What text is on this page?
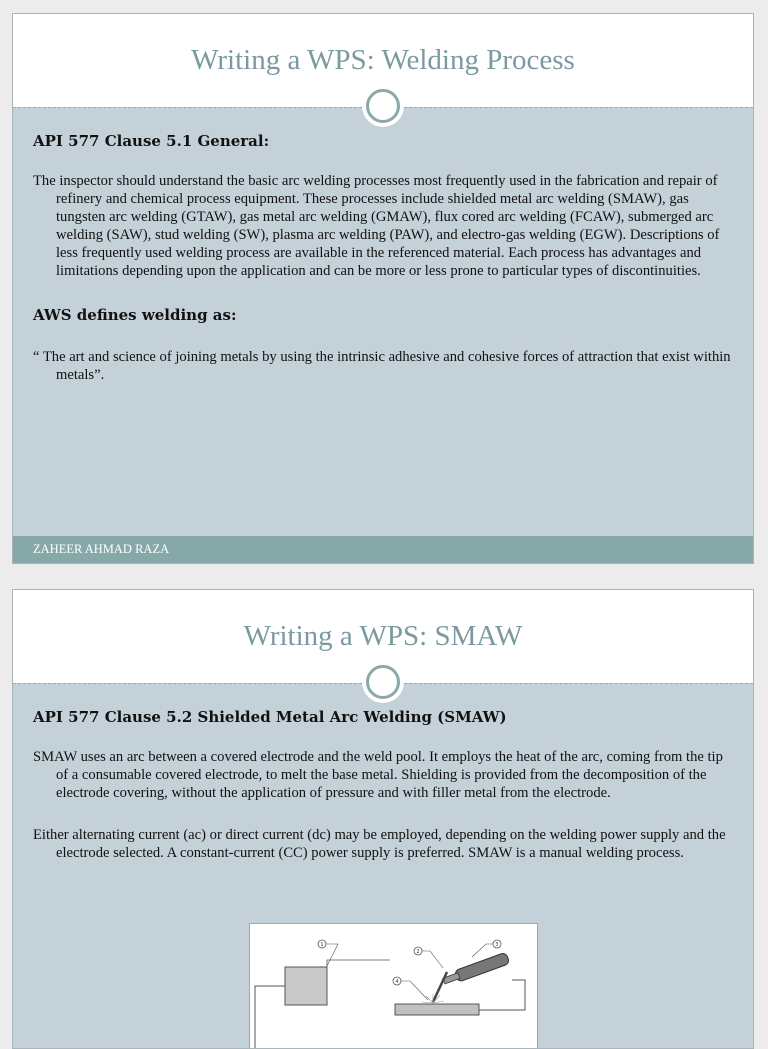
Writing a WPS: Welding Process
API 577 Clause 5.1 General:
The inspector should understand the basic arc welding processes most frequently used in the fabrication and repair of refinery and chemical process equipment. These processes include shielded metal arc welding (SMAW), gas tungsten arc welding (GTAW), gas metal arc welding (GMAW), flux cored arc welding (FCAW), submerged arc welding (SAW), stud welding (SW), plasma arc welding (PAW), and electro-gas welding (EGW). Descriptions of less frequently used welding process are available in the referenced material. Each process has advantages and limitations depending upon the application and can be more or less prone to particular types of discontinuities.
AWS defines welding as:
“ The art and science of joining metals by using the intrinsic adhesive and cohesive forces of attraction that exist within metals”.
ZAHEER AHMAD RAZA
Writing a WPS: SMAW
API 577 Clause 5.2 Shielded Metal Arc Welding (SMAW)
SMAW uses an arc between a covered electrode and the weld pool. It employs the heat of the arc, coming from the tip of a consumable covered electrode, to melt the base metal. Shielding is provided from the decomposition of the electrode covering, without the application of pressure and with filler metal from the electrode.
Either alternating current (ac) or direct current (dc) may be employed, depending on the welding power supply and the electrode selected. A constant-current (CC) power supply is preferred. SMAW is a manual welding process.
1
2
3
4
